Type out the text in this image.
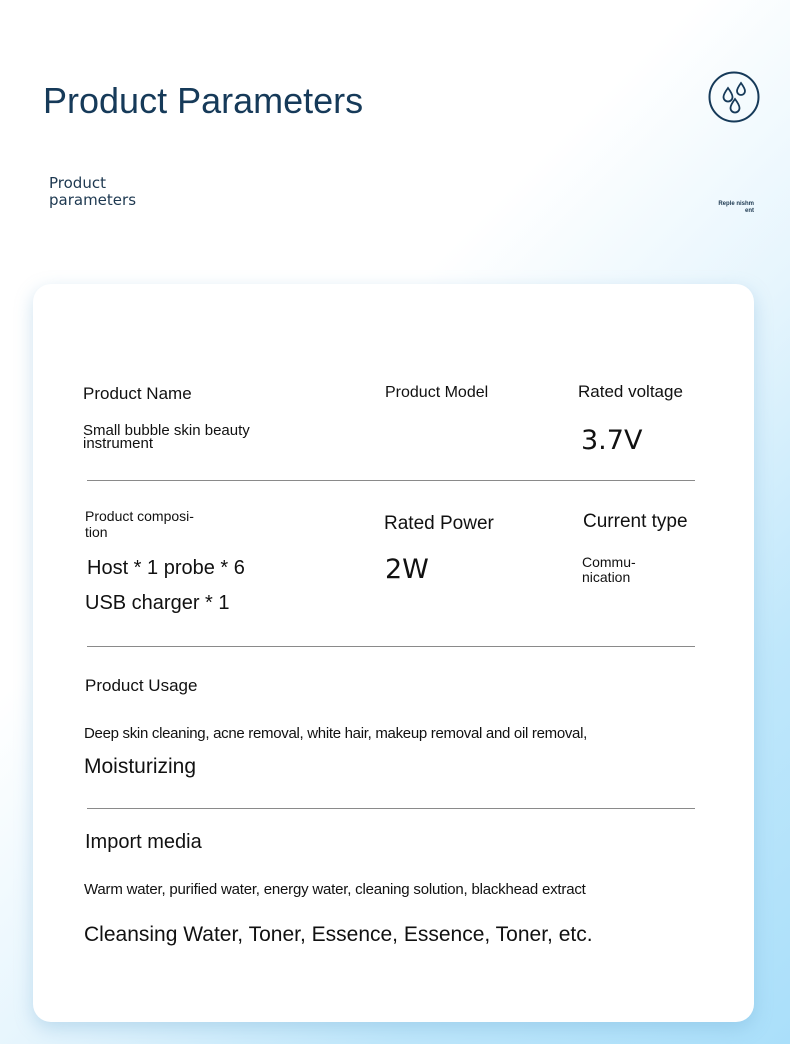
Product Parameters
Product parameters	Reple nishment
Product Name
Small bubble skin beauty instrument
Product Model	Rated voltage
3.7V
Product composi- tion
Host * 1 probe * 6
USB charger * 1
Rated Power
2W
Current type
Commu- nication
Product Usage
Deep skin cleaning, acne removal, white hair, makeup removal and oil removal,
Moisturizing
Import media
Warm water, purified water, energy water, cleaning solution, blackhead extract
Cleansing Water, Toner, Essence, Essence, Toner, etc.
